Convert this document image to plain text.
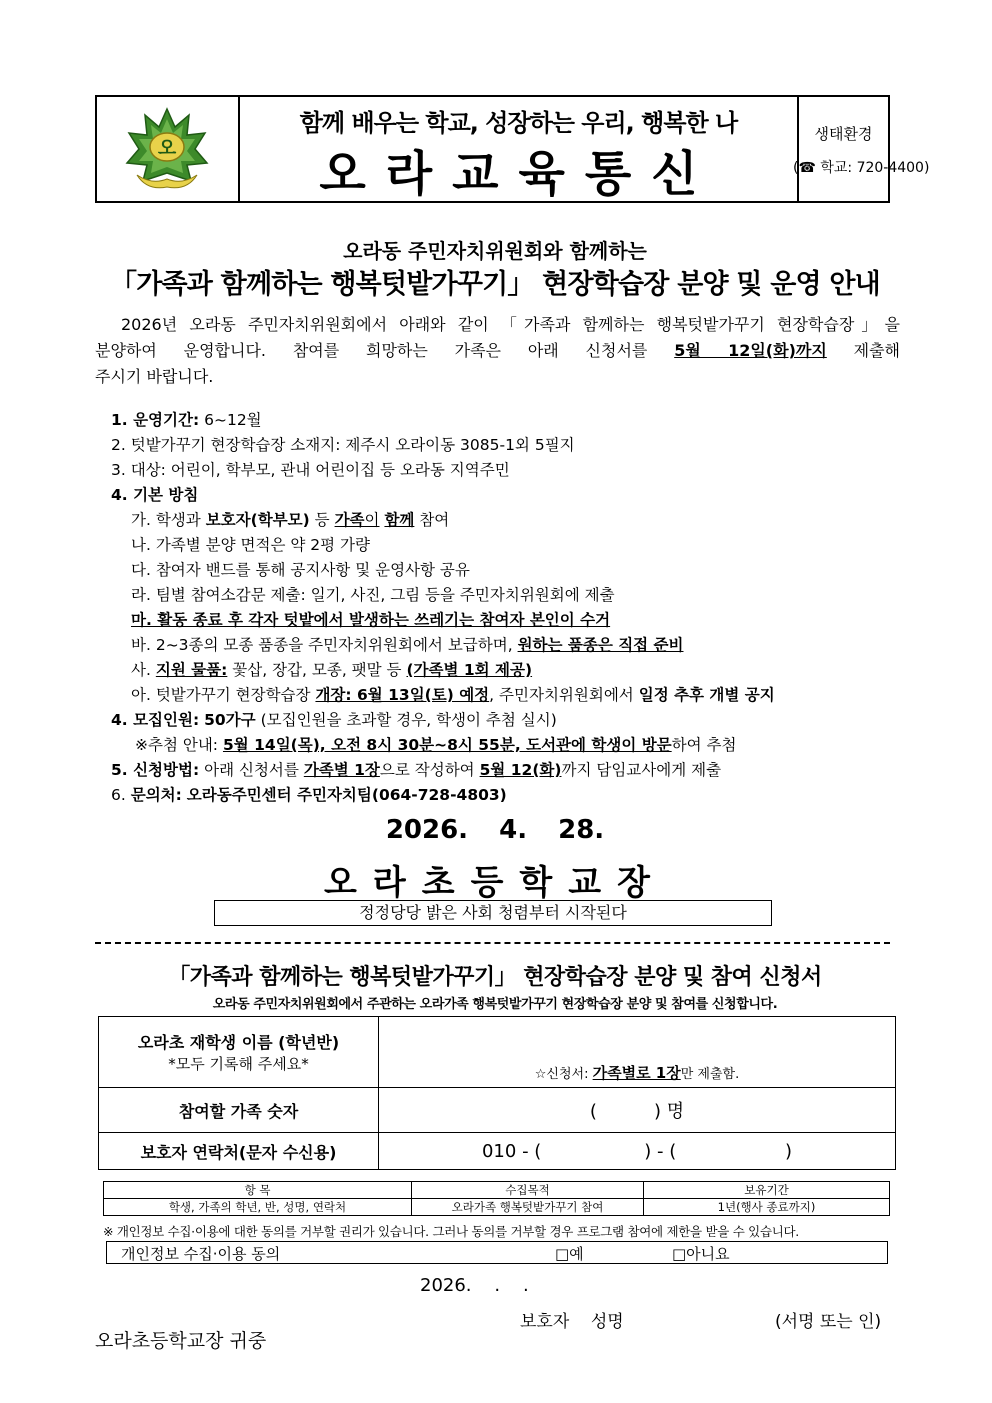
오
함께 배우는 학교, 성장하는 우리, 행복한 나
오라교육통신
생태환경
(☎ 학교: 720-4400)
오라동 주민자치위원회와 함께하는
「가족과 함께하는 행복텃밭가꾸기」 현장학습장 분양 및 운영 안내

2026년 오라동 주민자치위원회에서 아래와 같이 「가족과 함께하는 행복텃밭가꾸기 현장학습장」을

분양하여 운영합니다. 참여를 희망하는 가족은 아래 신청서를 5월 12일(화)까지 제출해

주시기 바랍니다.

1. 운영기간: 6~12월
2. 텃밭가꾸기 현장학습장 소재지: 제주시 오라이동 3085-1외 5필지
3. 대상: 어린이, 학부모, 관내 어린이집 등 오라동 지역주민
4. 기본 방침
가. 학생과 보호자(학부모) 등 가족이 함께 참여
나. 가족별 분양 면적은 약 2평 가량
다. 참여자 밴드를 통해 공지사항 및 운영사항 공유
라. 팀별 참여소감문 제출: 일기, 사진, 그림 등을 주민자치위원회에 제출
마. 활동 종료 후 각자 텃밭에서 발생하는 쓰레기는 참여자 본인이 수거
바. 2~3종의 모종 품종을 주민자치위원회에서 보급하며, 원하는 품종은 직접 준비
사. 지원 물품: 꽃삽, 장갑, 모종, 팻말 등 (가족별 1회 제공)
아. 텃밭가꾸기 현장학습장 개장: 6월 13일(토) 예정, 주민자치위원회에서 일정 추후 개별 공지
4. 모집인원: 50가구 (모집인원을 초과할 경우, 학생이 추첨 실시)
※추첨 안내: 5월 14일(목), 오전 8시 30분~8시 55분, 도서관에 학생이 방문하여 추첨
5. 신청방법: 아래 신청서를 가족별 1장으로 작성하여 5월 12(화)까지 담임교사에게 제출
6. 문의처: 오라동주민센터 주민자치팀(064-728-4803)
2026. 4. 28.
오라초등학교장
정정당당 밝은 사회 청렴부터 시작된다
「가족과 함께하는 행복텃밭가꾸기」 현장학습장 분양 및 참여 신청서
오라동 주민자치위원회에서 주관하는 오라가족 행복텃밭가꾸기 현장학습장 분양 및 참여를 신청합니다.
오라초 재학생 이름 (학년반)
*모두 기록해 주세요*	☆신청서: 가족별로 1장만 제출함.
참여할 가족 숫자	(          ) 명
보호자 연락처(문자 수신용)	010 - (                  ) - (                   )
항 목	수집목적	보유기간
학생, 가족의 학년, 반, 성명, 연락처	오라가족 행복텃밭가꾸기 참여	1년(행사 종료까지)
※ 개인정보 수집·이용에 대한 동의를 거부할 권리가 있습니다. 그러나 동의를 거부할 경우 프로그램 참여에 제한을 받을 수 있습니다.
개인정보 수집·이용 동의	□예	□아니요
2026.    .    .
보호자    성명	(서명 또는 인)
오라초등학교장 귀중
